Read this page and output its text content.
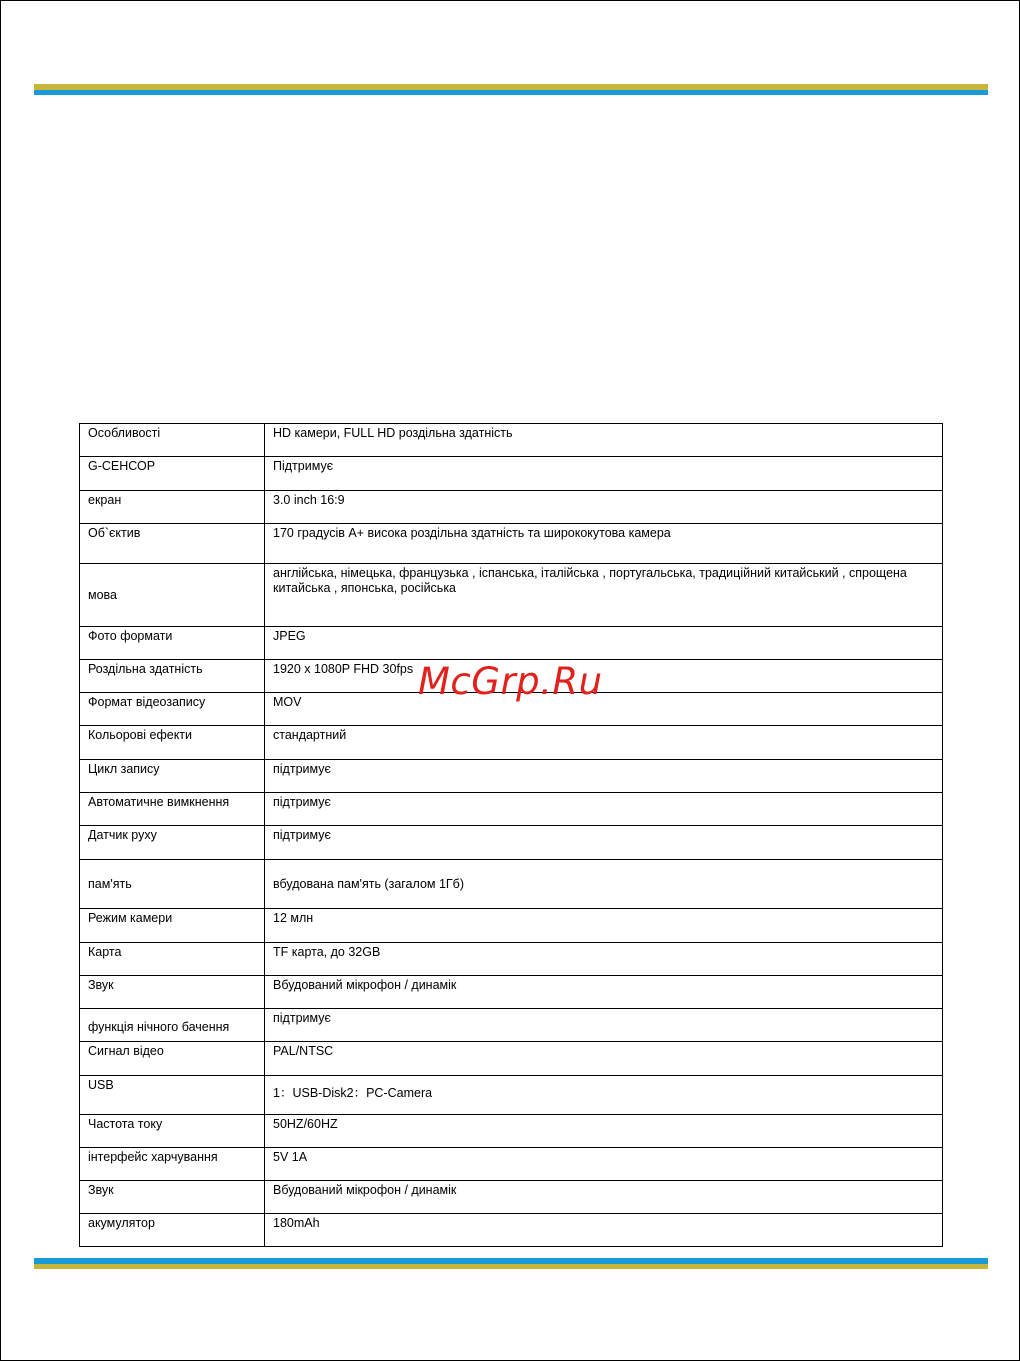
Особливості	HD камери, FULL HD роздільна здатність
G-СЕНСОР	Підтримує
екран	3.0 inch 16:9
Об`єктив	170 градусів A+ висока роздільна здатність та ширококутова камера
мова	англійська, німецька, французька , іспанська, італійська , португальська, традиційний китайський , спрощена китайська , японська, російська
Фото формати	JPEG
Роздільна здатність	1920 x 1080P FHD 30fps
Формат відеозапису	MOV
Кольорові ефекти	стандартний
Цикл запису	підтримує
Автоматичне вимкнення	підтримує
Датчик руху	підтримує
пам'ять	вбудована пам'ять (загалом 1Гб)
Режим камери	12 млн
Карта	TF карта, до 32GB
Звук	Вбудований мікрофон / динамік
функція нічного бачення	підтримує
Сигнал відео	PAL/NTSC
USB	1：USB-Disk2：PC-Camera
Частота току	50HZ/60HZ
інтерфейс харчування	5V 1A
Звук	Вбудований мікрофон / динамік
акумулятор	180mAh
McGrp.Ru
